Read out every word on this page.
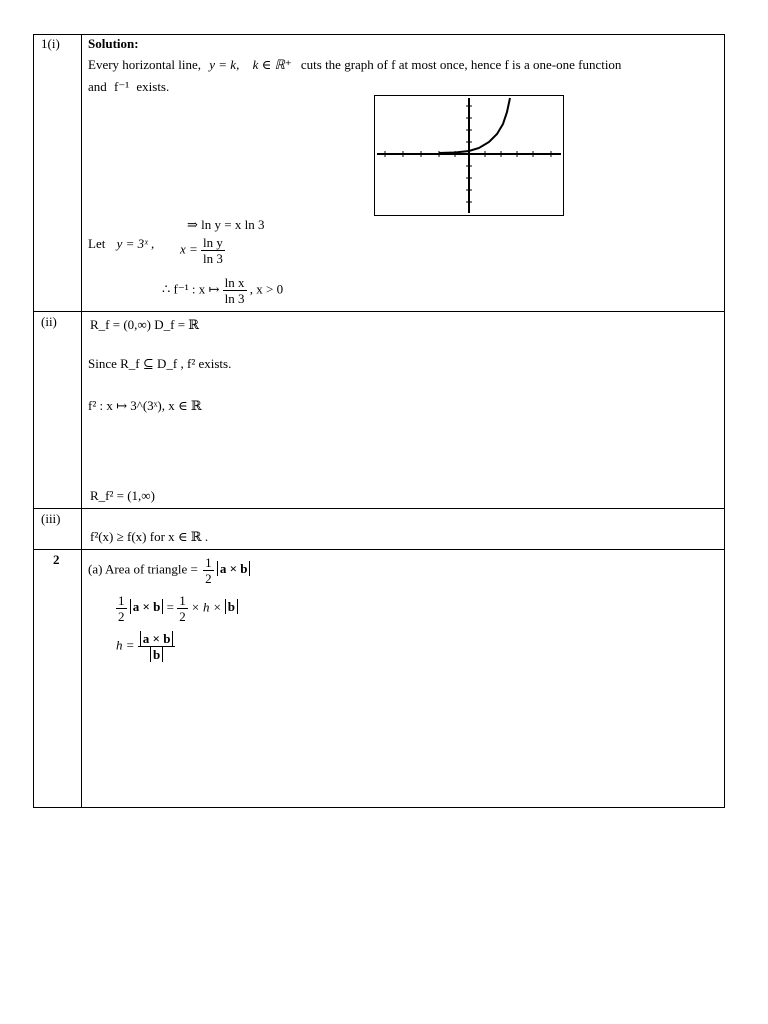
1(i) Solution:
Every horizontal line, y = k, k ∈ ℝ⁺ cuts the graph of f at most once, hence f is a one-one function
and f⁻¹ exists.
⇒ ln y = x ln 3
Let y = 3ˣ , $x = \frac{\text{ln y}}{\ln 3}$
∴ f⁻¹ : x ↦ $\frac{\text{ln x}}{\ln 3}$ , x > 0
(ii)	R_f = (0,∞) D_f = ℝ
Since R_f ⊆ D_f , f² exists.
f² : x ↦ 3^(3ˣ), x ∈ ℝ
R_f² = (1,∞)
(iii)
f²(x) ≥ f(x) for x ∈ ℝ .
2
(a) Area of triangle = $\frac{1}{2}$ a × b
$\frac{1}{2}$ $a \times b = \frac{1}{2} \times h \times b$
$h = \frac{a \times b}{b}$
